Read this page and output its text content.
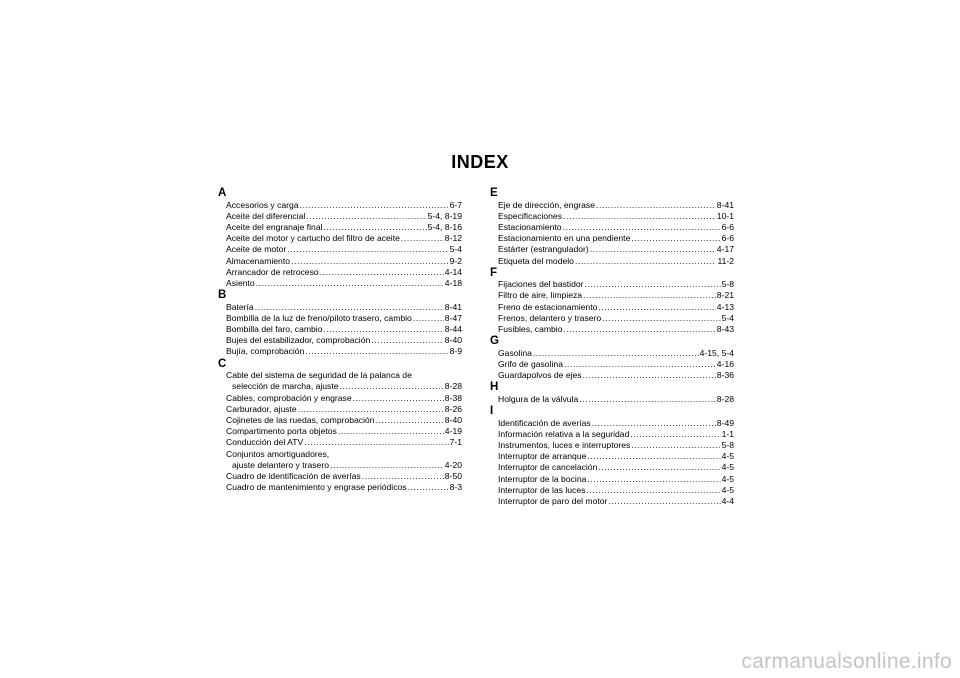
INDEX
A
Accesorios y carga .....	6-7
Aceite del diferencial .....	5-4, 8-19
Aceite del engranaje final .....	5-4, 8-16
Aceite del motor y cartucho del filtro de aceite .....	8-12
Aceite de motor .....	5-4
Almacenamiento .....	9-2
Arrancador de retroceso .....	4-14
Asiento .....	4-18
B
Batería .....	8-41
Bombilla de la luz de freno/piloto trasero, cambio .....	8-47
Bombilla del faro, cambio .....	8-44
Bujes del estabilizador, comprobación .....	8-40
Bujía, comprobación .....	8-9
C
Cable del sistema de seguridad de la palanca de
selección de marcha, ajuste .....	8-28
Cables, comprobación y engrase .....	8-38
Carburador, ajuste .....	8-26
Cojinetes de las ruedas, comprobación .....	8-40
Compartimento porta objetos .....	4-19
Conducción del ATV .....	7-1
Conjuntos amortiguadores,
ajuste delantero y trasero .....	4-20
Cuadro de identificación de averías .....	8-50
Cuadro de mantenimiento y engrase periódicos .....	8-3
E
Eje de dirección, engrase .....	8-41
Especificaciones .....	10-1
Estacionamiento .....	6-6
Estacionamiento en una pendiente .....	6-6
Estárter (estrangulador) .....	4-17
Etiqueta del modelo .....	11-2
F
Fijaciones del bastidor .....	5-8
Filtro de aire, limpieza .....	8-21
Freno de estacionamiento .....	4-13
Frenos, delantero y trasero .....	5-4
Fusibles, cambio .....	8-43
G
Gasolina .....	4-15, 5-4
Grifo de gasolina .....	4-16
Guardapolvos de ejes .....	8-36
H
Holgura de la válvula .....	8-28
I
Identificación de averías .....	8-49
Información relativa a la seguridad .....	1-1
Instrumentos, luces e interruptores .....	5-8
Interruptor de arranque .....	4-5
Interruptor de cancelación .....	4-5
Interruptor de la bocina .....	4-5
Interruptor de las luces .....	4-5
Interruptor de paro del motor .....	4-4
carmanualsonline.info
